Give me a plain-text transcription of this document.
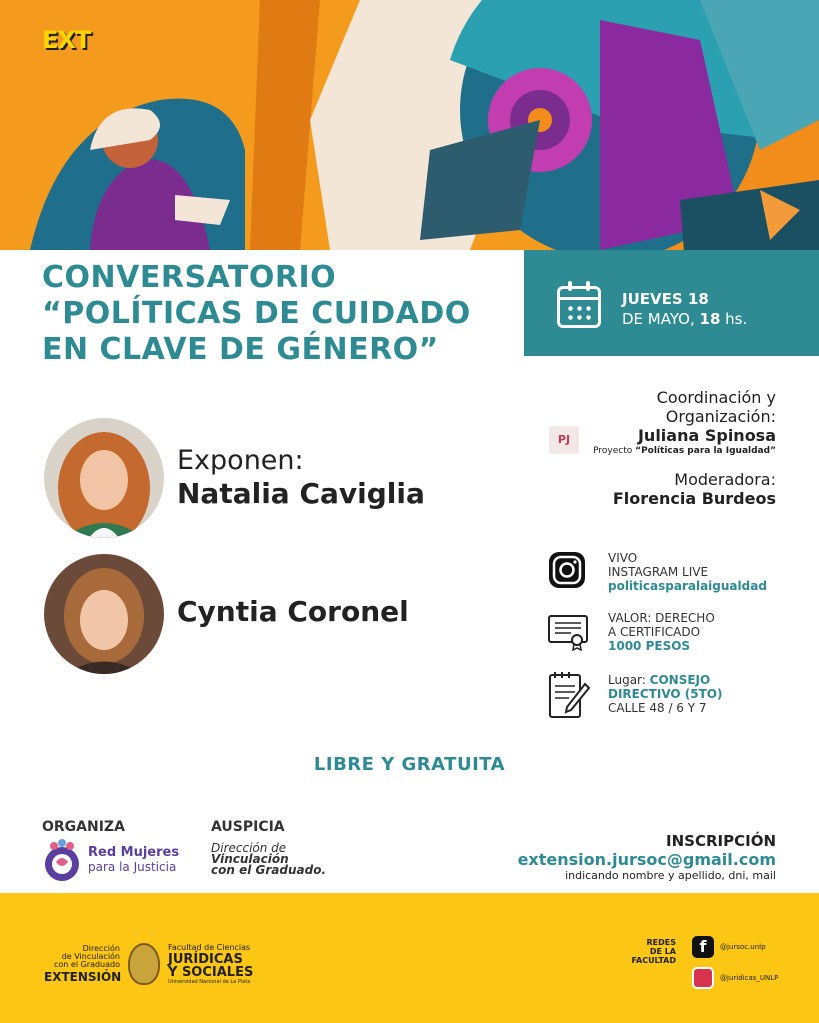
EXT
CONVERSATORIO
“POLÍTICAS DE CUIDADO
EN CLAVE DE GÉNERO”
JUEVES 18
DE MAYO, 18 hs.
Exponen:
Natalia Caviglia
Cyntia Coronel
Coordinación y
Organización:
Juliana Spinosa
Proyecto “Políticas para la Igualdad”
PJ
Moderadora:
Florencia Burdeos
VIVO
INSTAGRAM LIVE
politicasparalaigualdad
VALOR: DERECHO
A CERTIFICADO
1000 PESOS
Lugar: CONSEJO
DIRECTIVO (5TO)
CALLE 48 / 6 Y 7
LIBRE Y GRATUITA
ORGANIZA
Red Mujeres
para la Justicia
AUSPICIA
Dirección de
Vinculación
con el Graduado.
INSCRIPCIÓN
extension.jursoc@gmail.com
indicando nombre y apellido, dni, mail
Dirección
de Vinculación
con el Graduado
EXTENSIÓN
Facultad de Ciencias
JURÍDICAS
Y SOCIALES
Universidad Nacional de La Plata
REDES
DE LA
FACULTAD
f @jursoc.unlp
@juridicas_UNLP
